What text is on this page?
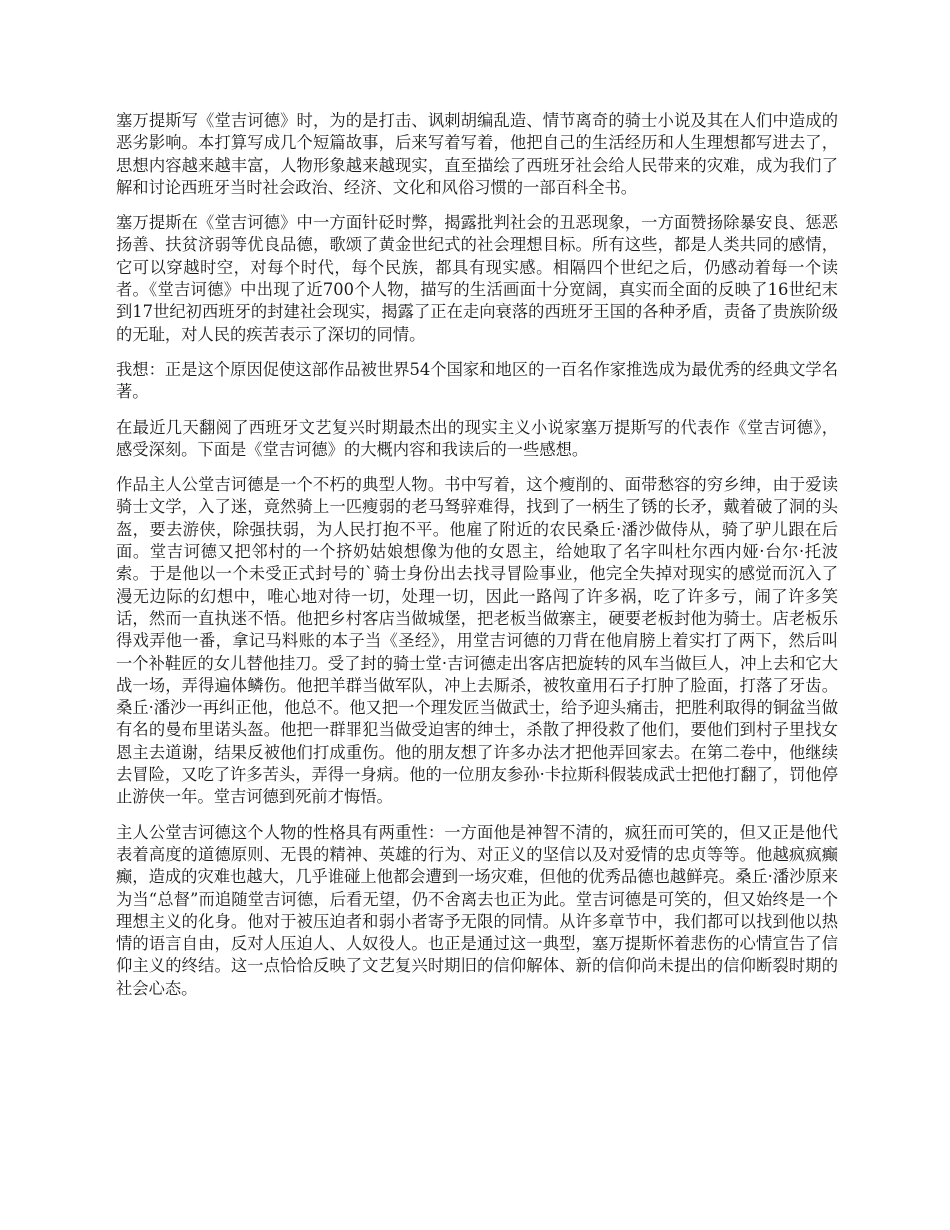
塞万提斯写《堂吉诃德》时，为的是打击、讽刺胡编乱造、情节离奇的骑士小说及其在人们中造成的恶劣影响。本打算写成几个短篇故事，后来写着写着，他把自己的生活经历和人生理想都写进去了，思想内容越来越丰富，人物形象越来越现实，直至描绘了西班牙社会给人民带来的灾难，成为我们了解和讨论西班牙当时社会政治、经济、文化和风俗习惯的一部百科全书。

塞万提斯在《堂吉诃德》中一方面针砭时弊，揭露批判社会的丑恶现象，一方面赞扬除暴安良、惩恶扬善、扶贫济弱等优良品德，歌颂了黄金世纪式的社会理想目标。所有这些，都是人类共同的感情，它可以穿越时空，对每个时代，每个民族，都具有现实感。相隔四个世纪之后，仍感动着每一个读者。《堂吉诃德》中出现了近700个人物，描写的生活画面十分宽阔，真实而全面的反映了16世纪末到17世纪初西班牙的封建社会现实，揭露了正在走向衰落的西班牙王国的各种矛盾，责备了贵族阶级的无耻，对人民的疾苦表示了深切的同情。

我想：正是这个原因促使这部作品被世界54个国家和地区的一百名作家推选成为最优秀的经典文学名著。

在最近几天翻阅了西班牙文艺复兴时期最杰出的现实主义小说家塞万提斯写的代表作《堂吉诃德》，感受深刻。下面是《堂吉诃德》的大概内容和我读后的一些感想。

作品主人公堂吉诃德是一个不朽的典型人物。书中写着，这个瘦削的、面带愁容的穷乡绅，由于爱读骑士文学，入了迷，竟然骑上一匹瘦弱的老马驽骍难得，找到了一柄生了锈的长矛，戴着破了洞的头盔，要去游侠，除强扶弱，为人民打抱不平。他雇了附近的农民桑丘·潘沙做侍从，骑了驴儿跟在后面。堂吉诃德又把邻村的一个挤奶姑娘想像为他的女恩主，给她取了名字叫杜尔西内娅·台尔·托波索。于是他以一个未受正式封号的`骑士身份出去找寻冒险事业，他完全失掉对现实的感觉而沉入了漫无边际的幻想中，唯心地对待一切，处理一切，因此一路闯了许多祸，吃了许多亏，闹了许多笑话，然而一直执迷不悟。他把乡村客店当做城堡，把老板当做寨主，硬要老板封他为骑士。店老板乐得戏弄他一番，拿记马料账的本子当《圣经》，用堂吉诃德的刀背在他肩膀上着实打了两下，然后叫一个补鞋匠的女儿替他挂刀。受了封的骑士堂·吉诃德走出客店把旋转的风车当做巨人，冲上去和它大战一场，弄得遍体鳞伤。他把羊群当做军队，冲上去厮杀，被牧童用石子打肿了脸面，打落了牙齿。桑丘·潘沙一再纠正他，他总不。他又把一个理发匠当做武士，给予迎头痛击，把胜利取得的铜盆当做有名的曼布里诺头盔。他把一群罪犯当做受迫害的绅士，杀散了押役救了他们，要他们到村子里找女恩主去道谢，结果反被他们打成重伤。他的朋友想了许多办法才把他弄回家去。在第二卷中，他继续去冒险，又吃了许多苦头，弄得一身病。他的一位朋友参孙·卡拉斯科假装成武士把他打翻了，罚他停止游侠一年。堂吉诃德到死前才悔悟。

主人公堂吉诃德这个人物的性格具有两重性：一方面他是神智不清的，疯狂而可笑的，但又正是他代表着高度的道德原则、无畏的精神、英雄的行为、对正义的坚信以及对爱情的忠贞等等。他越疯疯癫癫，造成的灾难也越大，几乎谁碰上他都会遭到一场灾难，但他的优秀品德也越鲜亮。桑丘·潘沙原来为当“总督”而追随堂吉诃德，后看无望，仍不舍离去也正为此。堂吉诃德是可笑的，但又始终是一个理想主义的化身。他对于被压迫者和弱小者寄予无限的同情。从许多章节中，我们都可以找到他以热情的语言自由，反对人压迫人、人奴役人。也正是通过这一典型，塞万提斯怀着悲伤的心情宣告了信仰主义的终结。这一点恰恰反映了文艺复兴时期旧的信仰解体、新的信仰尚未提出的信仰断裂时期的社会心态。
